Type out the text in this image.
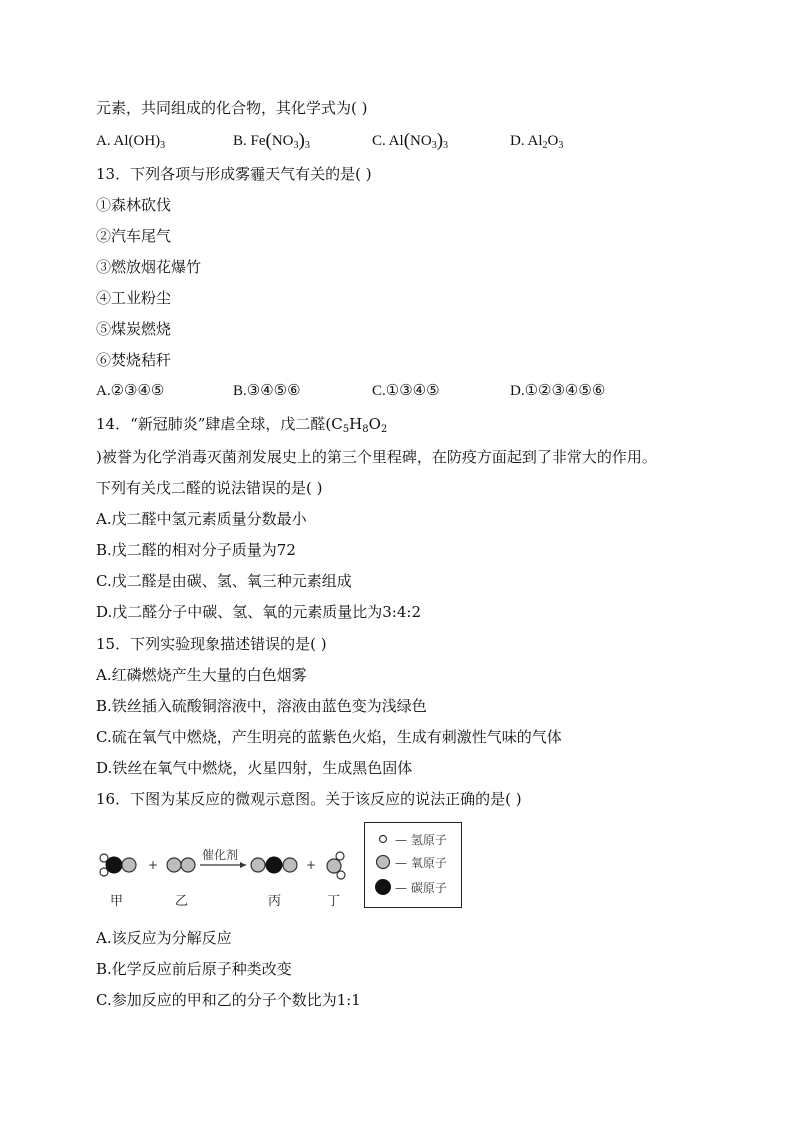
元素，共同组成的化合物，其化学式为( )
A. $Al(OH)_3$	B. $Fe(NO_3)_3$	C. $Al(NO_3)_3$	D. $Al_2O_3$
13．下列各项与形成雾霾天气有关的是( )
①森林砍伐
②汽车尾气
③燃放烟花爆竹
④工业粉尘
⑤煤炭燃烧
⑥焚烧秸秆
A.②③④⑤	B.③④⑤⑥	C.①③④⑤	D.①②③④⑤⑥
14．“新冠肺炎”肆虐全球，戊二醛($C_5H_8O_2$
)被誉为化学消毒灭菌剂发展史上的第三个里程碑，在防疫方面起到了非常大的作用。
下列有关戊二醛的说法错误的是( )
A.戊二醛中氢元素质量分数最小
B.戊二醛的相对分子质量为72
C.戊二醛是由碳、氢、氧三种元素组成
D.戊二醛分子中碳、氢、氧的元素质量比为3:4:2
15．下列实验现象描述错误的是( )
A.红磷燃烧产生大量的白色烟雾
B.铁丝插入硫酸铜溶液中，溶液由蓝色变为浅绿色
C.硫在氧气中燃烧，产生明亮的蓝紫色火焰，生成有刺激性气味的气体
D.铁丝在氧气中燃烧，火星四射，生成黑色固体
16．下图为某反应的微观示意图。关于该反应的说法正确的是( )
+
催化剂
+
甲	乙	丙	丁
— 氢原子
— 氧原子
— 碳原子
A.该反应为分解反应
B.化学反应前后原子种类改变
C.参加反应的甲和乙的分子个数比为1:1
